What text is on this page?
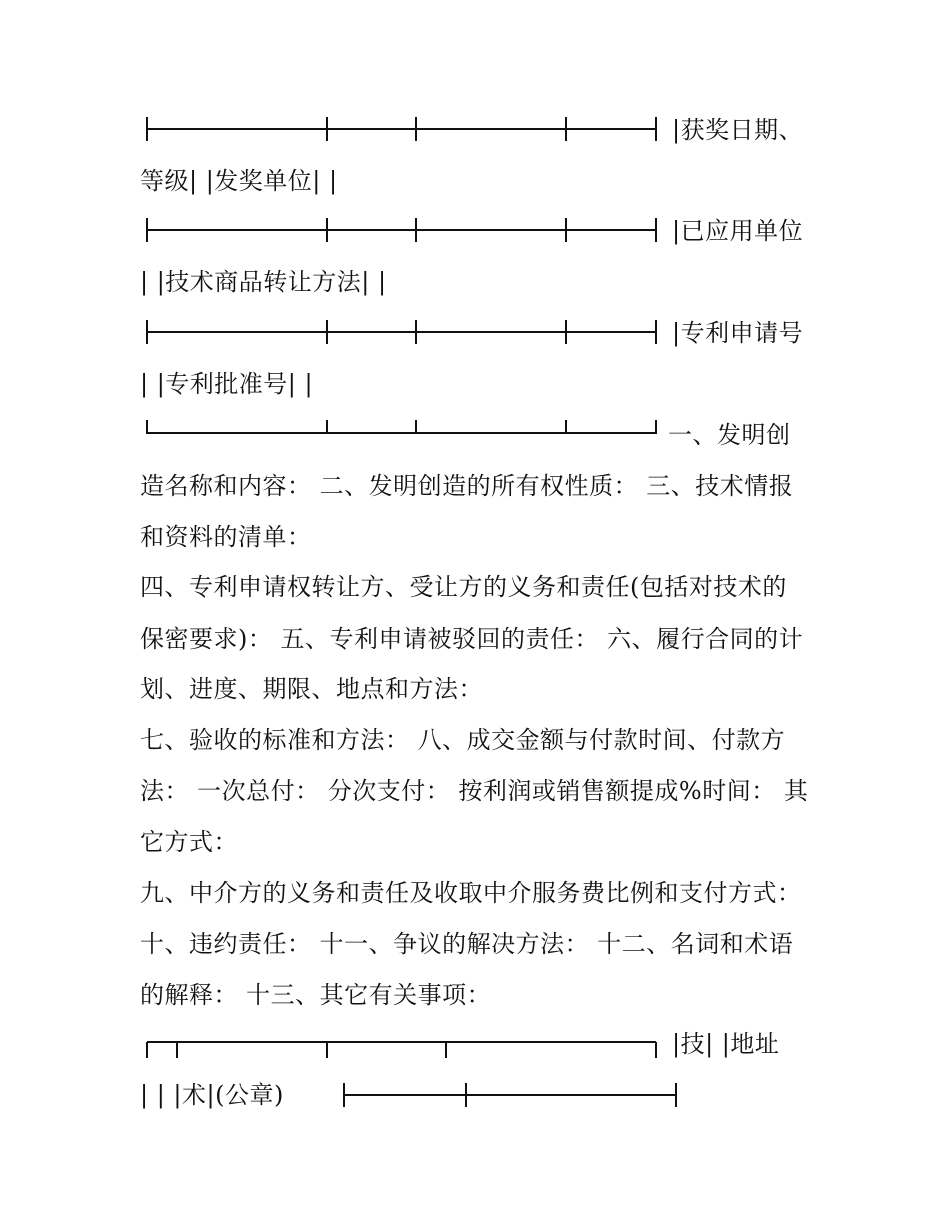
|获奖日期、
等级| |发奖单位| |
|已应用单位
| |技术商品转让方法| |
|专利申请号
| |专利批准号| |
一、发明创
造名称和内容： 二、发明创造的所有权性质： 三、技术情报
和资料的清单：
四、专利申请权转让方、受让方的义务和责任(包括对技术的
保密要求)： 五、专利申请被驳回的责任： 六、履行合同的计
划、进度、期限、地点和方法：
七、验收的标准和方法： 八、成交金额与付款时间、付款方
法： 一次总付： 分次支付： 按利润或销售额提成%时间： 其
它方式：
九、中介方的义务和责任及收取中介服务费比例和支付方式：
十、违约责任： 十一、争议的解决方法： 十二、名词和术语
的解释： 十三、其它有关事项：
|技| |地址
| | |术|(公章)
